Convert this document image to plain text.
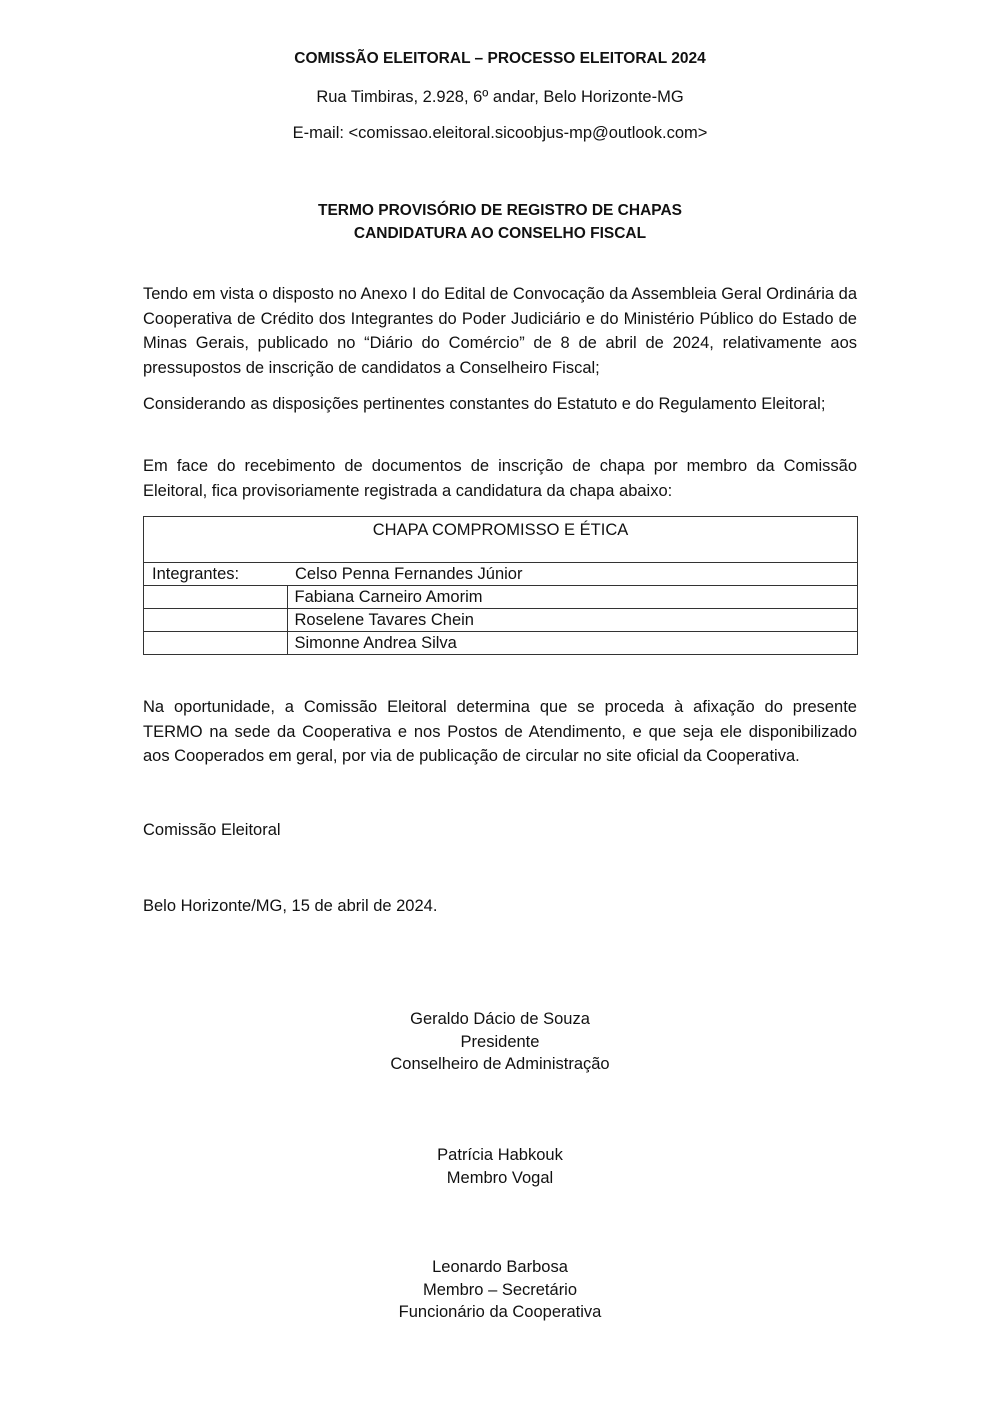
COMISSÃO ELEITORAL – PROCESSO ELEITORAL 2024
Rua Timbiras, 2.928, 6º andar, Belo Horizonte-MG
E-mail: <comissao.eleitoral.sicoobjus-mp@outlook.com>
TERMO PROVISÓRIO DE REGISTRO DE CHAPAS
CANDIDATURA AO CONSELHO FISCAL
Tendo em vista o disposto no Anexo I do Edital de Convocação da Assembleia Geral Ordinária da Cooperativa de Crédito dos Integrantes do Poder Judiciário e do Ministério Público do Estado de Minas Gerais, publicado no “Diário do Comércio” de 8 de abril de 2024, relativamente aos pressupostos de inscrição de candidatos a Conselheiro Fiscal;
Considerando as disposições pertinentes constantes do Estatuto e do Regulamento Eleitoral;
Em face do recebimento de documentos de inscrição de chapa por membro da Comissão Eleitoral, fica provisoriamente registrada a candidatura da chapa abaixo:
CHAPA COMPROMISSO E ÉTICA	
Integrantes:	Celso Penna Fernandes Júnior
	Fabiana Carneiro Amorim
	Roselene Tavares Chein
	Simonne Andrea Silva
Na oportunidade, a Comissão Eleitoral determina que se proceda à afixação do presente TERMO na sede da Cooperativa e nos Postos de Atendimento, e que seja ele disponibilizado aos Cooperados em geral, por via de publicação de circular no site oficial da Cooperativa.
Comissão Eleitoral
Belo Horizonte/MG, 15 de abril de 2024.
Geraldo Dácio de Souza
Presidente
Conselheiro de Administração
Patrícia Habkouk
Membro Vogal
Leonardo Barbosa
Membro – Secretário
Funcionário da Cooperativa
